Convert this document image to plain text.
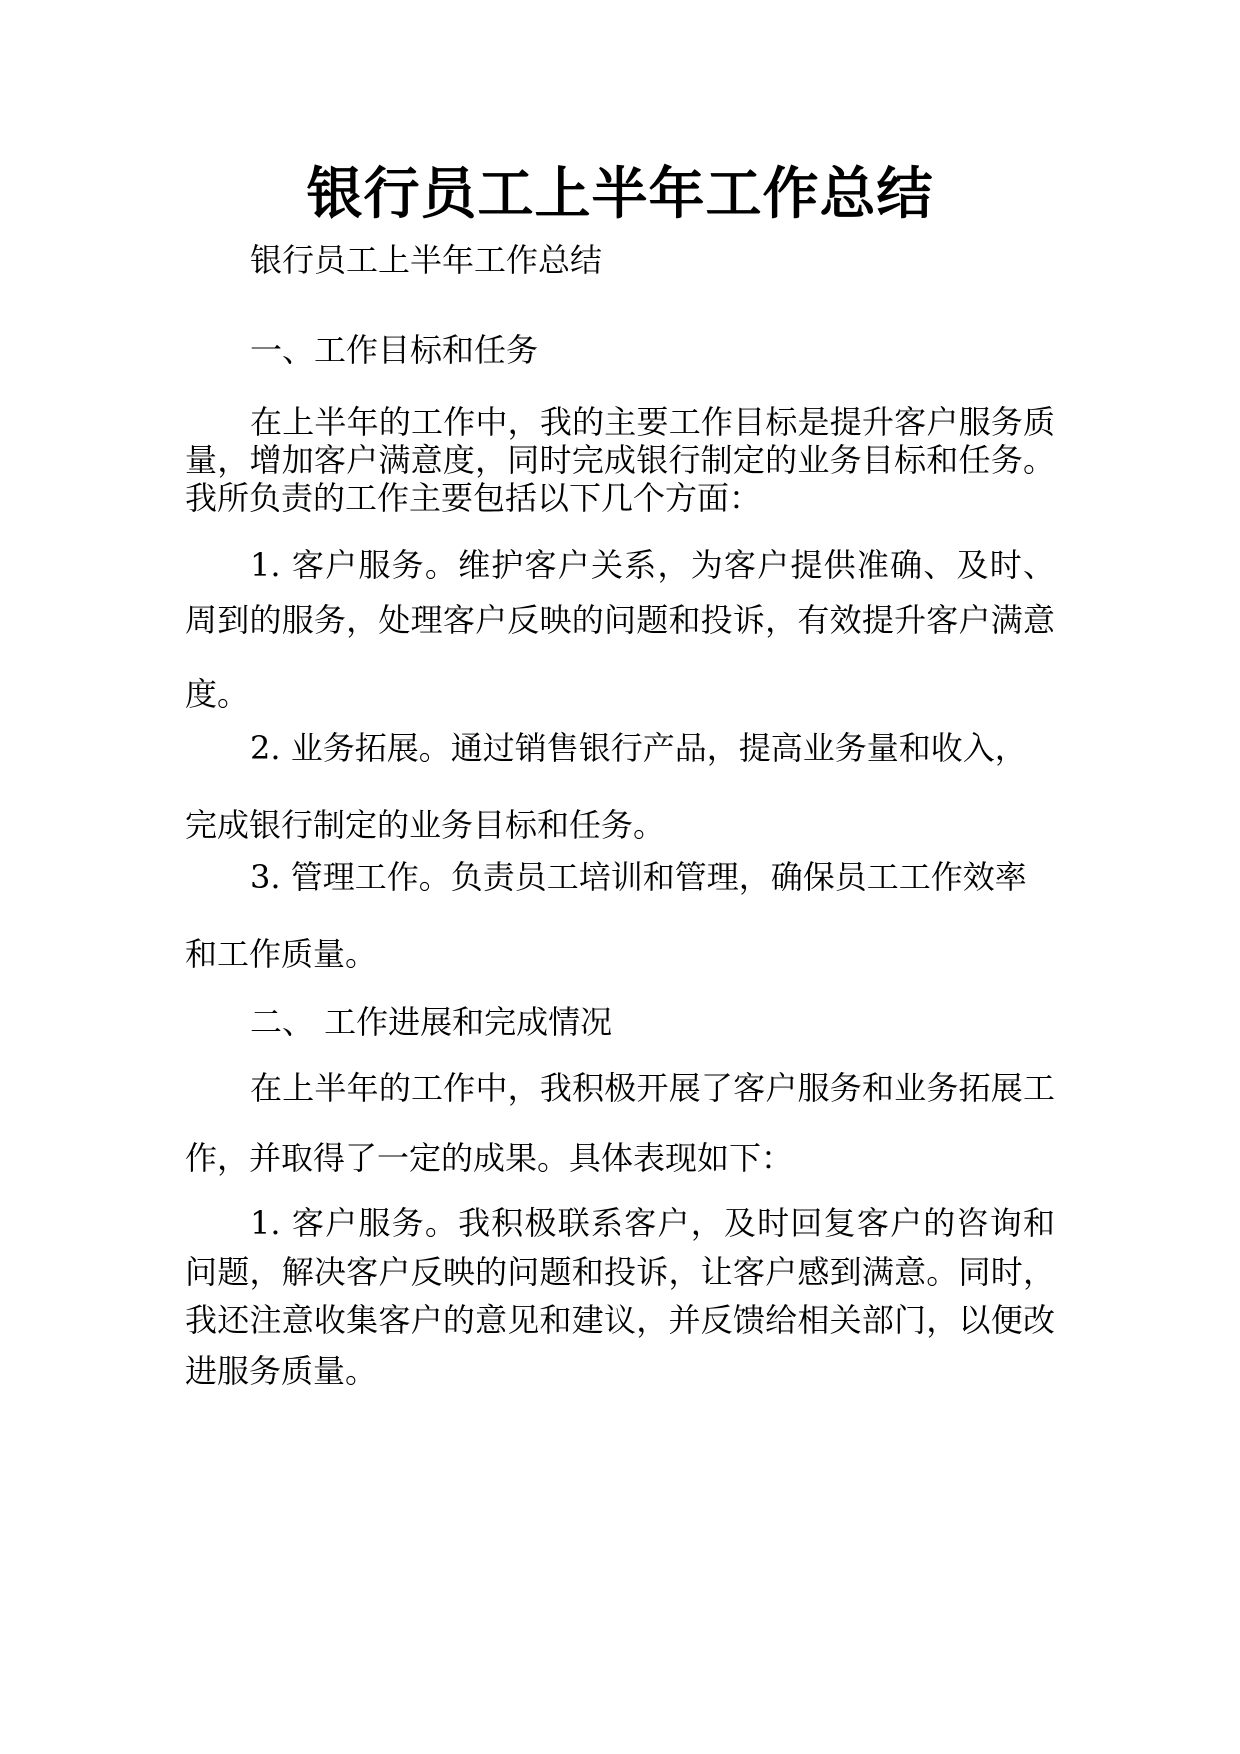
银行员工上半年工作总结

银行员工上半年工作总结

一、工作目标和任务

在上半年的工作中，我的主要工作目标是提升客户服务质

量，增加客户满意度，同时完成银行制定的业务目标和任务。

我所负责的工作主要包括以下几个方面：

1. 客户服务。维护客户关系，为客户提供准确、及时、

周到的服务，处理客户反映的问题和投诉，有效提升客户满意

度。

2. 业务拓展。通过销售银行产品，提高业务量和收入，

完成银行制定的业务目标和任务。

3. 管理工作。负责员工培训和管理，确保员工工作效率

和工作质量。

二、 工作进展和完成情况

在上半年的工作中，我积极开展了客户服务和业务拓展工

作，并取得了一定的成果。具体表现如下：

1. 客户服务。我积极联系客户，及时回复客户的咨询和

问题，解决客户反映的问题和投诉，让客户感到满意。同时，

我还注意收集客户的意见和建议，并反馈给相关部门，以便改

进服务质量。
